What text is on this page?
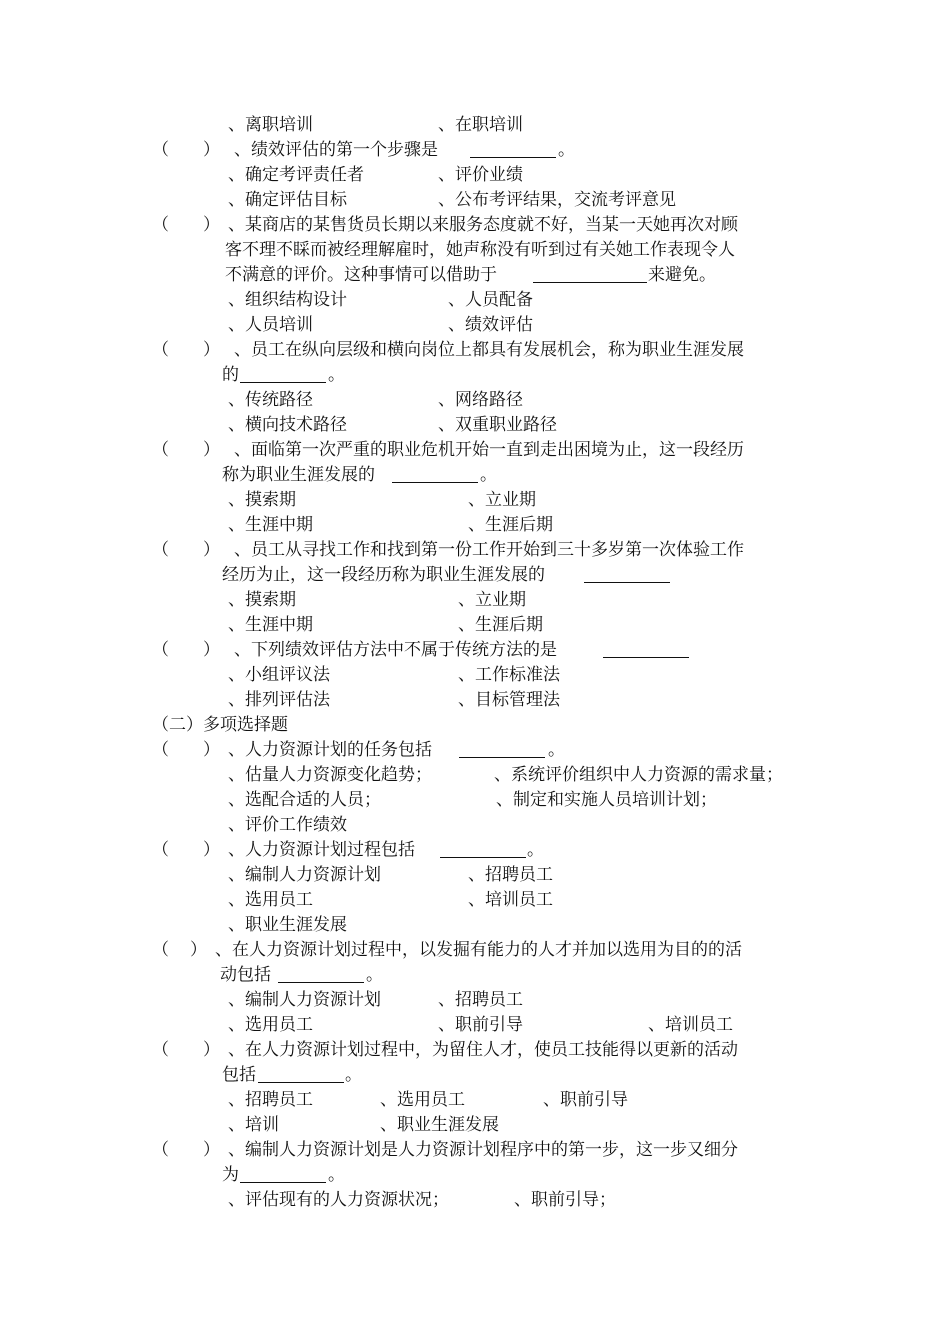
、离职培训	、在职培训
（ ） 、绩效评估的第一个步骤是	。
、确定考评责任者	、评价业绩
、确定评估目标	、公布考评结果，交流考评意见
（ ） 、某商店的某售货员长期以来服务态度就不好，当某一天她再次对顾
客不理不睬而被经理解雇时，她声称没有听到过有关她工作表现令人
不满意的评价。这种事情可以借助于	来避免。
、组织结构设计	、人员配备
、人员培训	、绩效评估
（ ） 、员工在纵向层级和横向岗位上都具有发展机会，称为职业生涯发展
的	。
、传统路径	、网络路径
、横向技术路径	、双重职业路径
（ ） 、面临第一次严重的职业危机开始一直到走出困境为止，这一段经历
称为职业生涯发展的	。
、摸索期	、立业期
、生涯中期	、生涯后期
（ ） 、员工从寻找工作和找到第一份工作开始到三十多岁第一次体验工作
经历为止，这一段经历称为职业生涯发展的
、摸索期	、立业期
、生涯中期	、生涯后期
（ ） 、下列绩效评估方法中不属于传统方法的是
、小组评议法	、工作标准法
、排列评估法	、目标管理法
（二）多项选择题
（ ） 、人力资源计划的任务包括	。
、估量人力资源变化趋势；	、系统评价组织中人力资源的需求量；
、选配合适的人员；	、制定和实施人员培训计划；
、评价工作绩效
（ ） 、人力资源计划过程包括	。
、编制人力资源计划	、招聘员工
、选用员工	、培训员工
、职业生涯发展
（ ） 、在人力资源计划过程中，以发掘有能力的人才并加以选用为目的的活
动包括	。
、编制人力资源计划	、招聘员工
、选用员工	、职前引导	、培训员工
（ ） 、在人力资源计划过程中，为留住人才，使员工技能得以更新的活动
包括	。
、招聘员工	、选用员工	、职前引导
、培训	、职业生涯发展
（ ） 、编制人力资源计划是人力资源计划程序中的第一步，这一步又细分
为	。
、评估现有的人力资源状况；	、职前引导；
